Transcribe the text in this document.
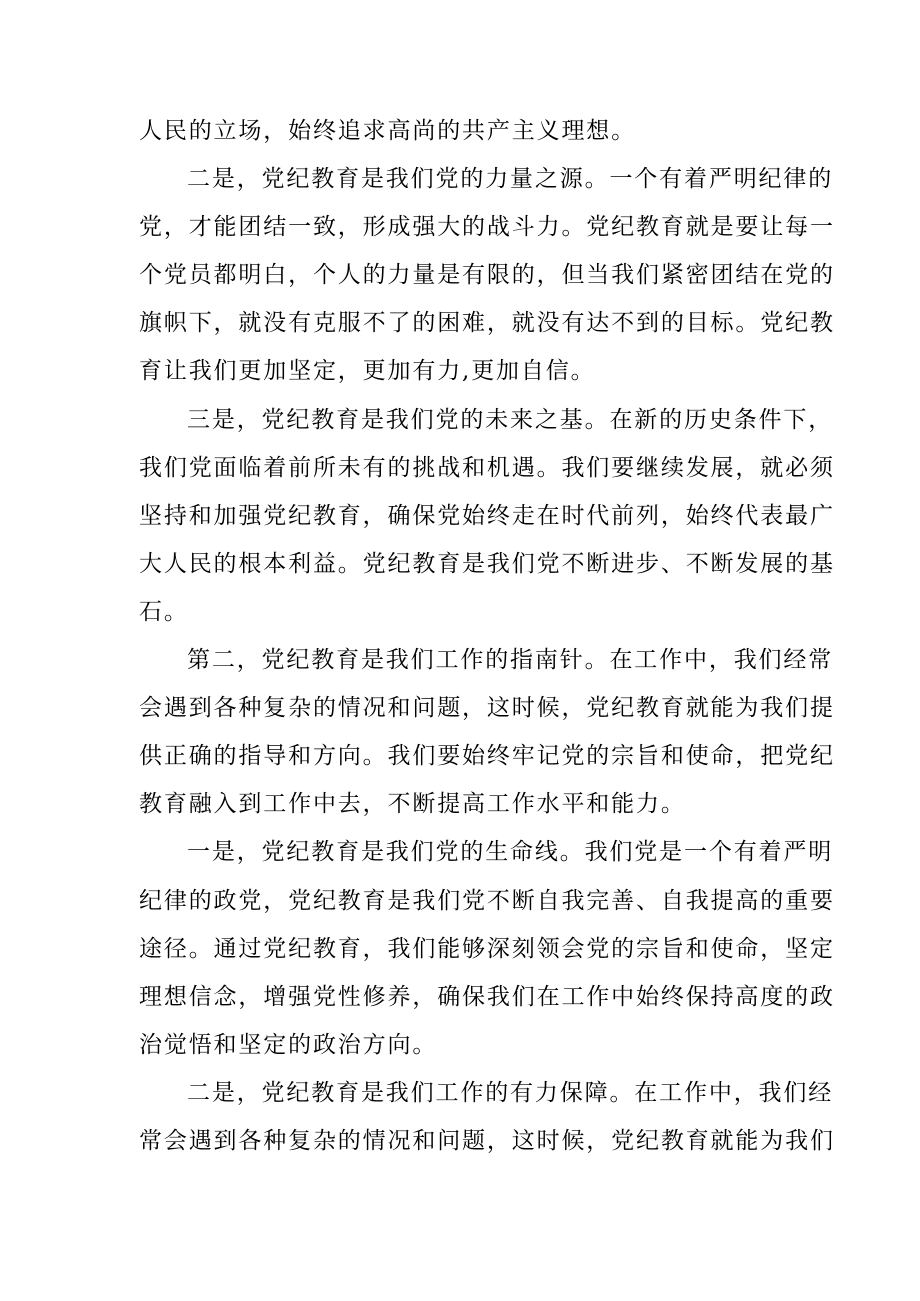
人民的立场，始终追求高尚的共产主义理想。
二是，党纪教育是我们党的力量之源。一个有着严明纪律的
党，才能团结一致，形成强大的战斗力。党纪教育就是要让每一
个党员都明白，个人的力量是有限的，但当我们紧密团结在党的
旗帜下，就没有克服不了的困难，就没有达不到的目标。党纪教
育让我们更加坚定，更加有力,更加自信。
三是，党纪教育是我们党的未来之基。在新的历史条件下，
我们党面临着前所未有的挑战和机遇。我们要继续发展，就必须
坚持和加强党纪教育，确保党始终走在时代前列，始终代表最广
大人民的根本利益。党纪教育是我们党不断进步、不断发展的基
石。
第二，党纪教育是我们工作的指南针。在工作中，我们经常
会遇到各种复杂的情况和问题，这时候，党纪教育就能为我们提
供正确的指导和方向。我们要始终牢记党的宗旨和使命，把党纪
教育融入到工作中去，不断提高工作水平和能力。
一是，党纪教育是我们党的生命线。我们党是一个有着严明
纪律的政党，党纪教育是我们党不断自我完善、自我提高的重要
途径。通过党纪教育，我们能够深刻领会党的宗旨和使命，坚定
理想信念，增强党性修养，确保我们在工作中始终保持高度的政
治觉悟和坚定的政治方向。
二是，党纪教育是我们工作的有力保障。在工作中，我们经
常会遇到各种复杂的情况和问题，这时候，党纪教育就能为我们
